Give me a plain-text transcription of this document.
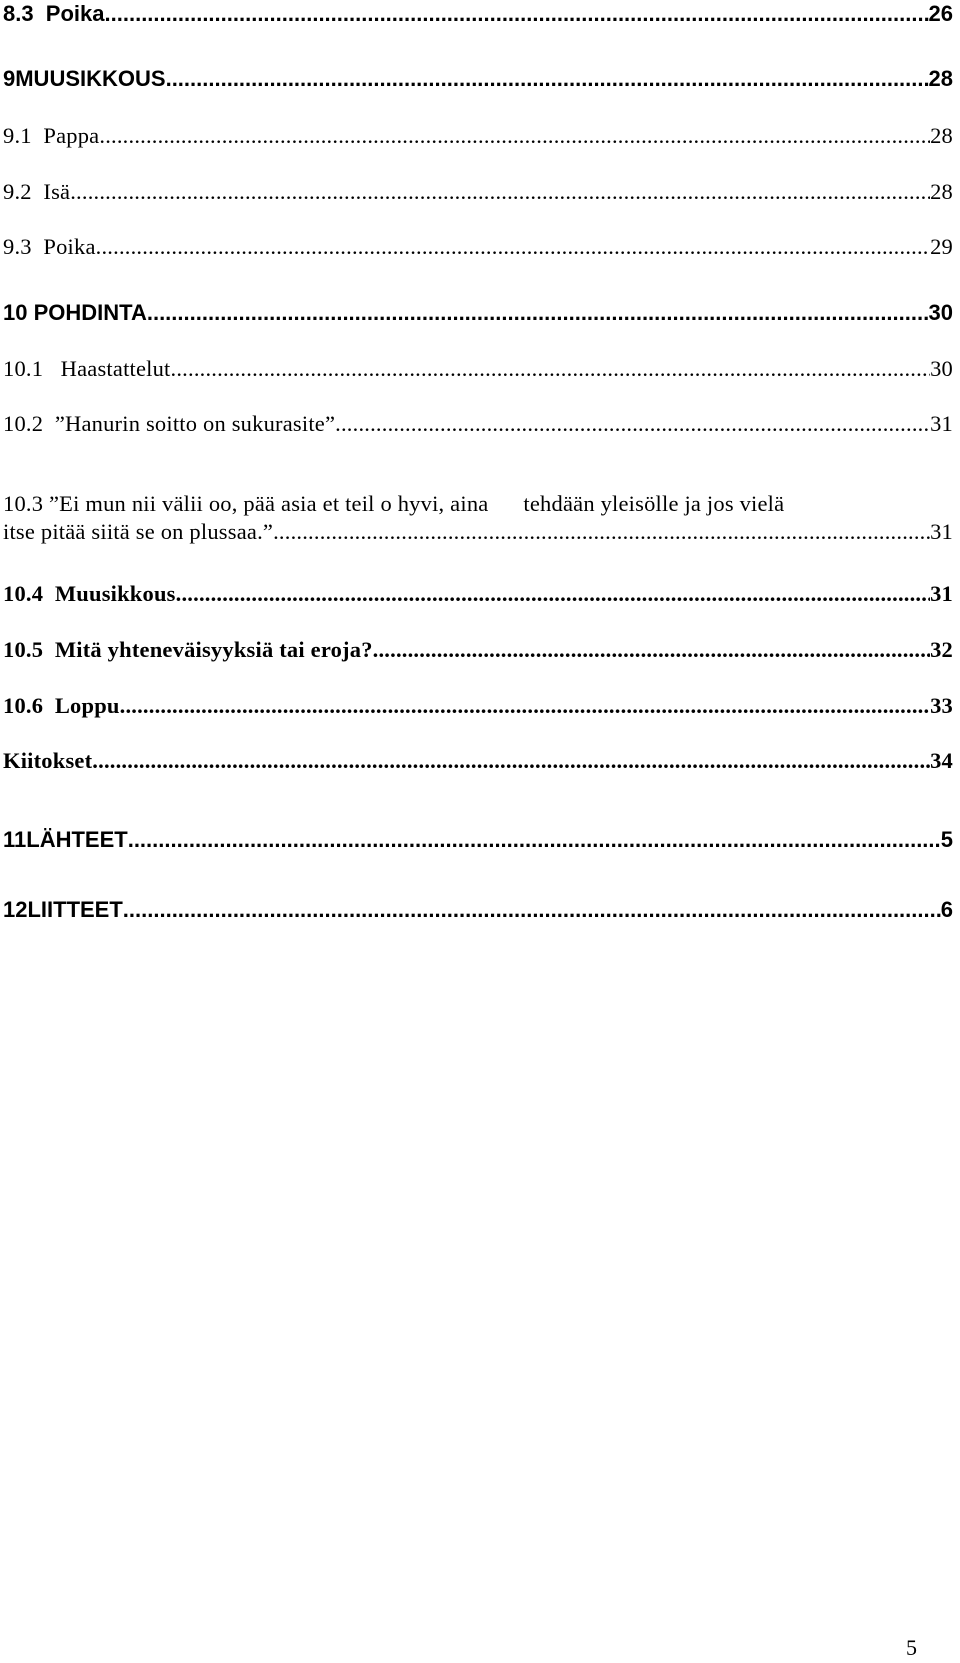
8.3  Poika .....	26
9MUUSIKKOUS .....	28
9.1  Pappa .....	28
9.2  Isä .....	28
9.3  Poika .....	29
10 POHDINTA .....	30
10.1   Haastattelut .....	30
10.2  ”Hanurin soitto on sukurasite” .....	31
10.3 ”Ei mun nii välii oo, pää asia et teil o hyvi, aina      tehdään yleisölle ja jos vielä
itse pitää siitä se on plussaa.” .....	31
10.4  Muusikkous .....	31
10.5  Mitä yhteneväisyyksiä tai eroja? .....	32
10.6  Loppu .....	33
Kiitokset .....	34
11LÄHTEET .....	5
12LIITTEET .....	6
5
